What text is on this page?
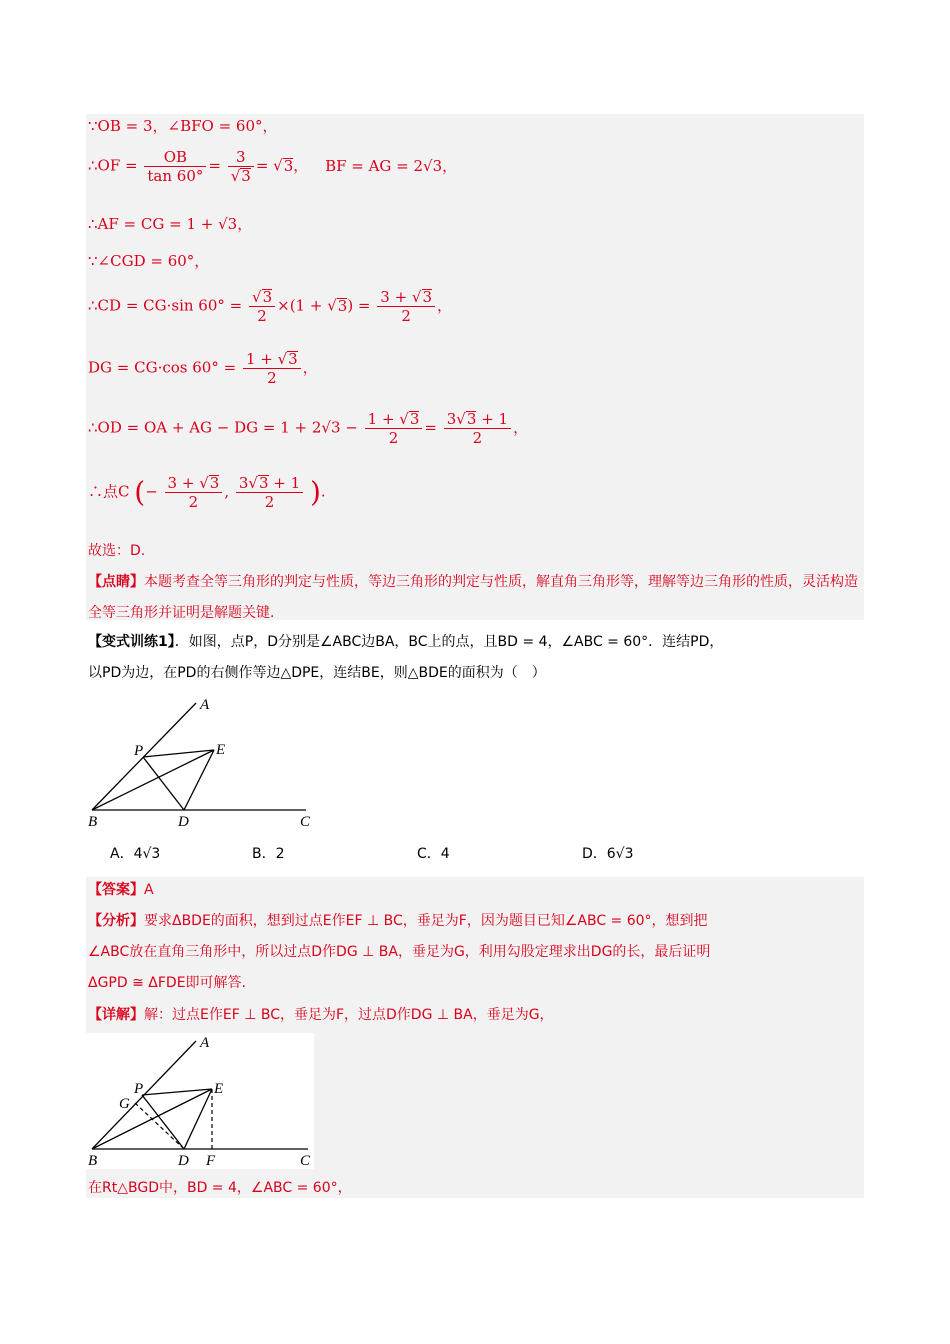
∵OB = 3，∠BFO = 60°，
∴OF = $\frac{OB}{\tan 60^\circ} = \frac{3}{√3} = √3$， BF = AG = 2√3，
∴AF = CG = 1 + √3，
∵∠CGD = 60°，
∴CD = CG·sin $60^\circ = \frac{√3}{2} \times(1 + √3) = \frac{3 + √3}{2}$ ，
DG = CG·cos $60^\circ = \frac{1 + √3}{2}$ ，
∴OD = OA + AG − DG = $1 + 2√3 - \frac{1 + √3}{2} = \frac{3√3 + 1}{2}$ ，
∴点C (− $\frac{3 + √3}{2}$ , $\frac{3√3 + 1}{2}$ ).
故选：D.
【点睛】本题考查全等三角形的判定与性质，等边三角形的判定与性质，解直角三角形等，理解等边三角形的性质，灵活构造全等三角形并证明是解题关键.
【变式训练1】．如图，点P，D分别是∠ABC边BA，BC上的点，且BD = 4，∠ABC = 60°．连结PD，
以PD为边，在PD的右侧作等边△DPE，连结BE，则△BDE的面积为（　）
A
P	E
B	D	C
A．4√3	B．2	C．4	D．6√3
【答案】A
【分析】要求ΔBDE的面积，想到过点E作EF ⊥ BC，垂足为F，因为题目已知∠ABC = 60°，想到把
∠ABC放在直角三角形中，所以过点D作DG ⊥ BA，垂足为G，利用勾股定理求出DG的长，最后证明
ΔGPD ≅ ΔFDE即可解答.
【详解】解：过点E作EF ⊥ BC，垂足为F，过点D作DG ⊥ BA，垂足为G，
A
P	E
G
B	D F	C
在Rt△BGD中，BD = 4，∠ABC = 60°，
